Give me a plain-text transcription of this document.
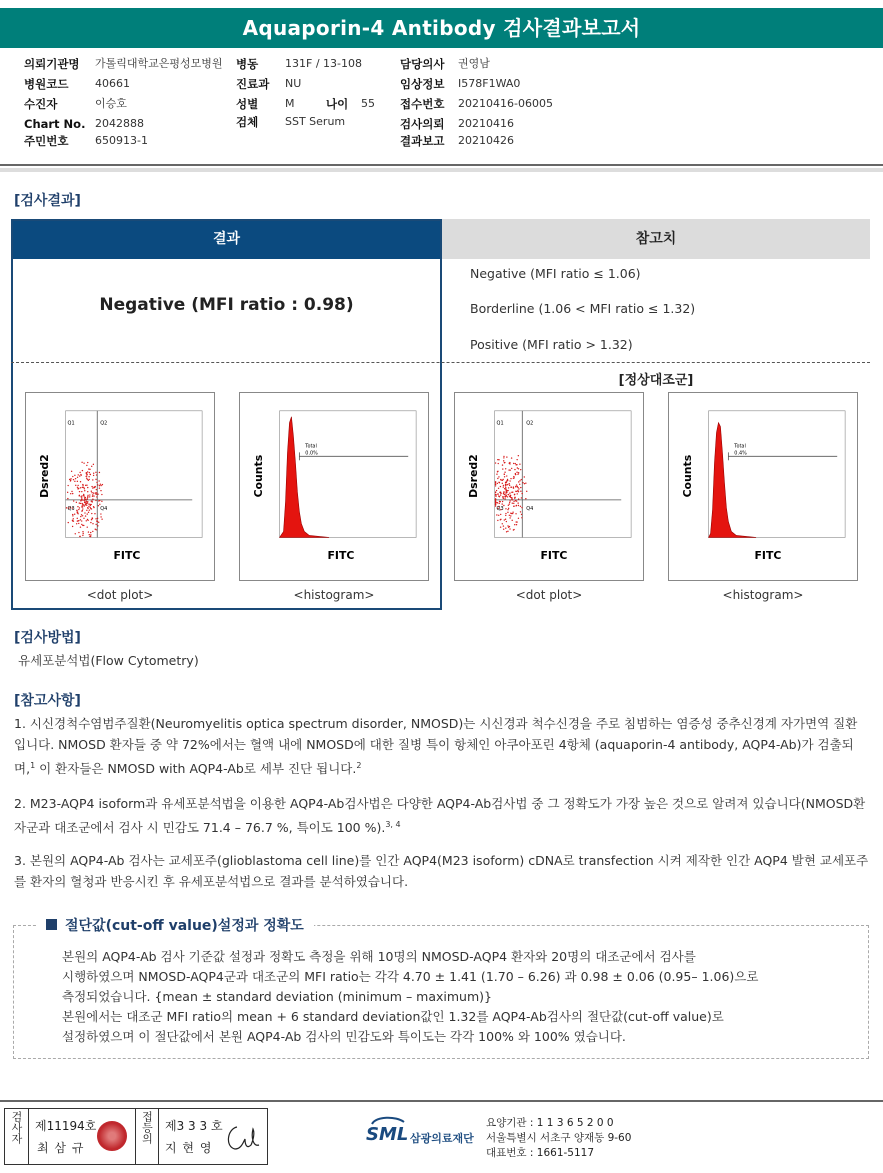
Aquaporin-4 Antibody 검사결과보고서
의뢰기관명 가톨릭대학교은평성모병원 병동 131F / 13-108	담당의사 권영남
병원코드 40661	진료과 NU	임상정보 I578F1WA0
수진자	이승호	성별 M	나이 55 접수번호 20210416-06005
Chart No. 2042888	검체 SST Serum	검사의뢰 20210416
주민번호 650913-1	결과보고 20210426
[검사결과]
결과	참고치
Negative (MFI ratio : 0.98)
Negative (MFI ratio ≤ 1.06)
Borderline (1.06 < MFI ratio ≤ 1.32)
Positive (MFI ratio > 1.32)
[정상대조군]
Q1	Q2
Q3	Q4
FITC
Dsred2
<dot plot>
Total
0.0%
FITC
Counts
<histogram>
Q1	Q2
Q3	Q4
FITC
Dsred2
<dot plot>
Total
0.4%
FITC
Counts
<histogram>
[검사방법]
유세포분석법(Flow Cytometry)
[참고사항]
1. 시신경척수염범주질환(Neuromyelitis optica spectrum disorder, NMOSD)는 시신경과 척수신경을 주로 침범하는 염증성 중추신경계 자가면역 질환입니다. NMOSD 환자들 중 약 72%에서는 혈액 내에 NMOSD에 대한 질병 특이 항체인 아쿠아포린 4항체 (aquaporin-4 antibody, AQP4-Ab)가 검출되며,$^1$ 이 환자들은 NMOSD with AQP4-Ab로 세부 진단 됩니다.$^2$
2. M23-AQP4 isoform과 유세포분석법을 이용한 AQP4-Ab검사법은 다양한 AQP4-Ab검사법 중 그 정확도가 가장 높은 것으로 알려져 있습니다(NMOSD환자군과 대조군에서 검사 시 민감도 71.4 – 76.7 %, 특이도 100 %).$^{3, 4}$
3. 본원의 AQP4-Ab 검사는 교세포주(glioblastoma cell line)를 인간 AQP4(M23 isoform) cDNA로 transfection 시켜 제작한 인간 AQP4 발현 교세포주를 환자의 혈청과 반응시킨 후 유세포분석법으로 결과를 분석하였습니다.
절단값(cut-off value)설정과 정확도
본원의 AQP4-Ab 검사 기준값 설정과 정확도 측정을 위해 10명의 NMOSD-AQP4 환자와 20명의 대조군에서 검사를
시행하였으며 NMOSD-AQP4군과 대조군의 MFI ratio는 각각 4.70 ± 1.41 (1.70 – 6.26) 과 0.98 ± 0.06 (0.95– 1.06)으로
측정되었습니다. {mean ± standard deviation (minimum – maximum)}
본원에서는 대조군 MFI ratio의 mean + 6 standard deviation값인 1.32를 AQP4-Ab검사의 절단값(cut-off value)로
설정하였으며 이 절단값에서 본원 AQP4-Ab 검사의 민감도와 특이도는 각각 100% 와 100% 였습니다.
검사자	제11194호
최 삼 규
접등의 제3 3 3 호
지 현 영
SML 삼광의료재단
요양기관 : 1 1 3 6 5 2 0 0
서울특별시 서초구 양재동 9-60
대표번호 : 1661-5117
